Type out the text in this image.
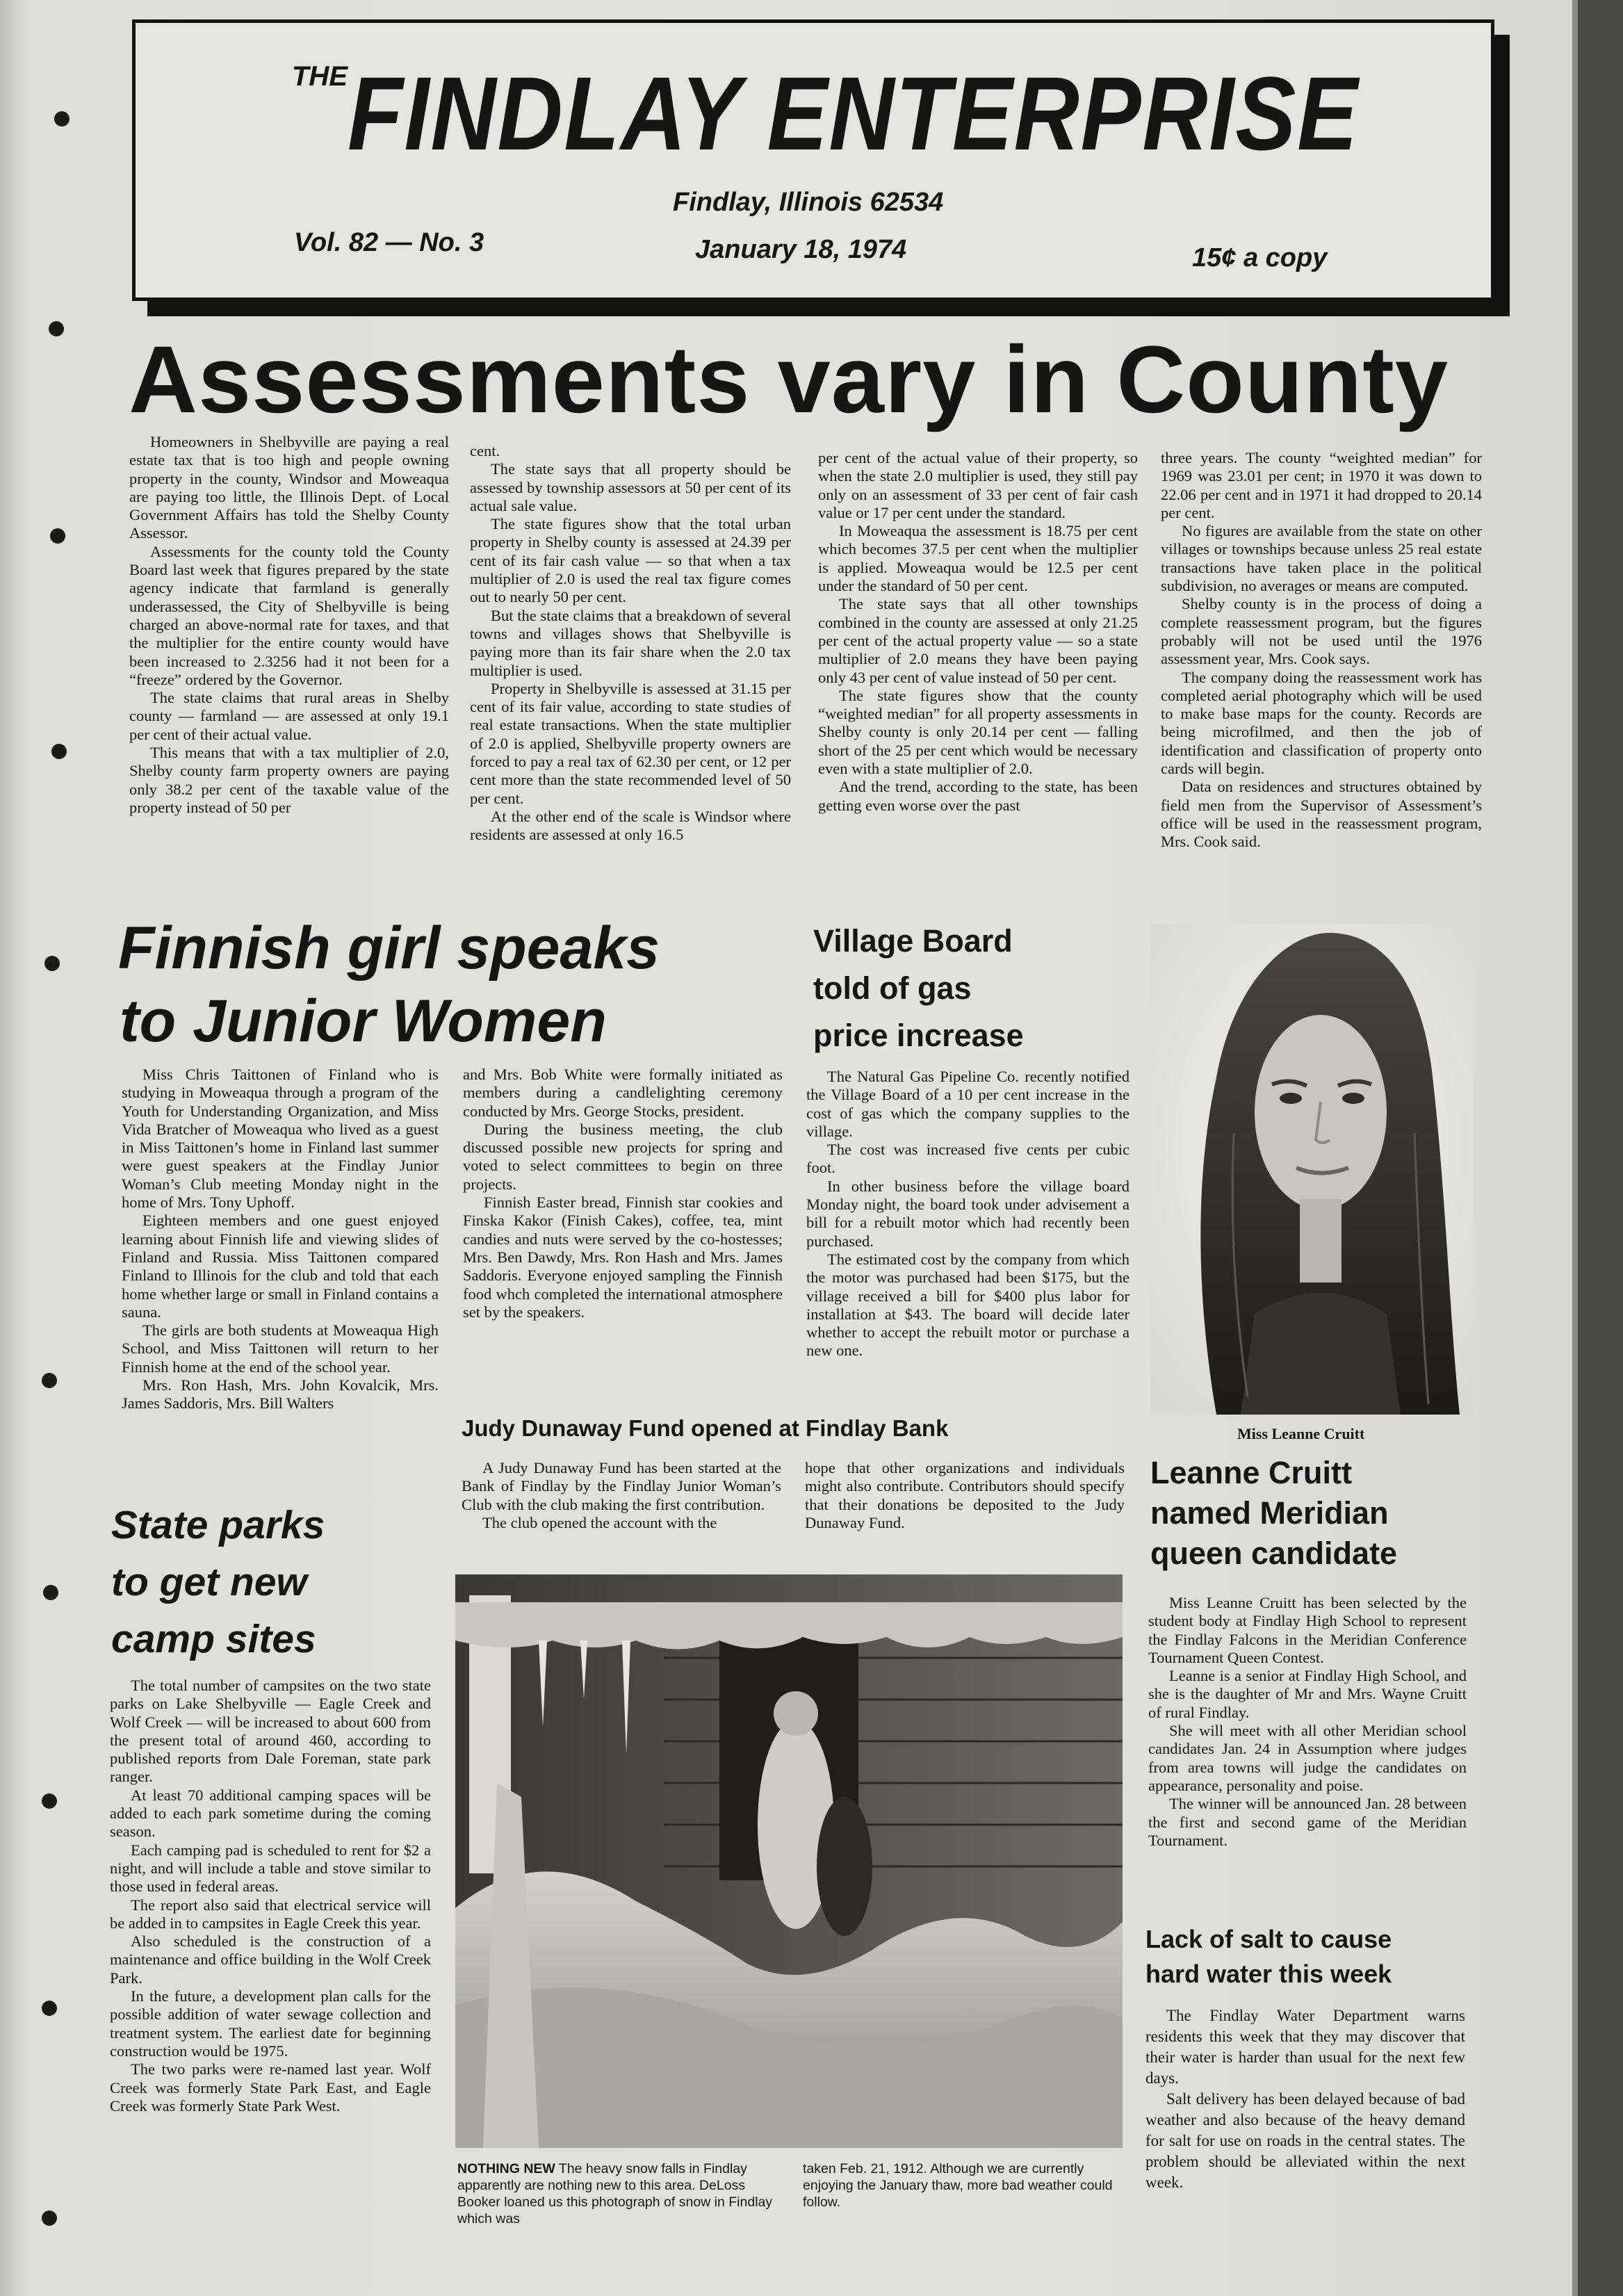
THE FINDLAY ENTERPRISE
Findlay, Illinois 62534
Vol. 82 — No. 3	January 18, 1974	15¢ a copy
Assessments vary in County

Homeowners in Shelbyville are paying a real estate tax that is too high and people owning property in the county, Windsor and Moweaqua are paying too little, the Illinois Dept. of Local Government Affairs has told the Shelby County Assessor.

Assessments for the county told the County Board last week that figures prepared by the state agency indicate that farmland is generally underassessed, the City of Shelbyville is being charged an above-normal rate for taxes, and that the multiplier for the entire county would have been increased to 2.3256 had it not been for a “freeze” ordered by the Governor.

The state claims that rural areas in Shelby county — farmland — are assessed at only 19.1 per cent of their actual value.

This means that with a tax multiplier of 2.0, Shelby county farm property owners are paying only 38.2 per cent of the taxable value of the property instead of 50 per

cent.

The state says that all property should be assessed by township assessors at 50 per cent of its actual sale value.

The state figures show that the total urban property in Shelby county is assessed at 24.39 per cent of its fair cash value — so that when a tax multiplier of 2.0 is used the real tax figure comes out to nearly 50 per cent.

But the state claims that a breakdown of several towns and villages shows that Shelbyville is paying more than its fair share when the 2.0 tax multiplier is used.

Property in Shelbyville is assessed at 31.15 per cent of its fair value, according to state studies of real estate transactions. When the state multiplier of 2.0 is applied, Shelbyville property owners are forced to pay a real tax of 62.30 per cent, or 12 per cent more than the state recommended level of 50 per cent.

At the other end of the scale is Windsor where residents are assessed at only 16.5

per cent of the actual value of their property, so when the state 2.0 multiplier is used, they still pay only on an assessment of 33 per cent of fair cash value or 17 per cent under the standard.

In Moweaqua the assessment is 18.75 per cent which becomes 37.5 per cent when the multiplier is applied. Moweaqua would be 12.5 per cent under the standard of 50 per cent.

The state says that all other townships combined in the county are assessed at only 21.25 per cent of the actual property value — so a state multiplier of 2.0 means they have been paying only 43 per cent of value instead of 50 per cent.

The state figures show that the county “weighted median” for all property assessments in Shelby county is only 20.14 per cent — falling short of the 25 per cent which would be necessary even with a state multiplier of 2.0.

And the trend, according to the state, has been getting even worse over the past

three years. The county “weighted median” for 1969 was 23.01 per cent; in 1970 it was down to 22.06 per cent and in 1971 it had dropped to 20.14 per cent.

No figures are available from the state on other villages or townships because unless 25 real estate transactions have taken place in the political subdivision, no averages or means are computed.

Shelby county is in the process of doing a complete reassessment program, but the figures probably will not be used until the 1976 assessment year, Mrs. Cook says.

The company doing the reassessment work has completed aerial photography which will be used to make base maps for the county. Records are being microfilmed, and then the job of identification and classification of property onto cards will begin.

Data on residences and structures obtained by field men from the Supervisor of Assessment’s office will be used in the reassessment program, Mrs. Cook said.

Finnish girl speaks
to Junior Women

Miss Chris Taittonen of Finland who is studying in Moweaqua through a program of the Youth for Understanding Organization, and Miss Vida Bratcher of Moweaqua who lived as a guest in Miss Taittonen’s home in Finland last summer were guest speakers at the Findlay Junior Woman’s Club meeting Monday night in the home of Mrs. Tony Uphoff.

Eighteen members and one guest enjoyed learning about Finnish life and viewing slides of Finland and Russia. Miss Taittonen compared Finland to Illinois for the club and told that each home whether large or small in Finland contains a sauna.

The girls are both students at Moweaqua High School, and Miss Taittonen will return to her Finnish home at the end of the school year.

Mrs. Ron Hash, Mrs. John Kovalcik, Mrs. James Saddoris, Mrs. Bill Walters

and Mrs. Bob White were formally initiated as members during a candlelighting ceremony conducted by Mrs. George Stocks, president.

During the business meeting, the club discussed possible new projects for spring and voted to select committees to begin on three projects.

Finnish Easter bread, Finnish star cookies and Finska Kakor (Finish Cakes), coffee, tea, mint candies and nuts were served by the co-hostesses; Mrs. Ben Dawdy, Mrs. Ron Hash and Mrs. James Saddoris. Everyone enjoyed sampling the Finnish food whch completed the international atmosphere set by the speakers.

Village Board
told of gas
price increase

The Natural Gas Pipeline Co. recently notified the Village Board of a 10 per cent increase in the cost of gas which the company supplies to the village.

The cost was increased five cents per cubic foot.

In other business before the village board Monday night, the board took under advisement a bill for a rebuilt motor which had recently been purchased.

The estimated cost by the company from which the motor was purchased had been $175, but the village received a bill for $400 plus labor for installation at $43. The board will decide later whether to accept the rebuilt motor or purchase a new one.

Miss Leanne Cruitt
Judy Dunaway Fund opened at Findlay Bank

A Judy Dunaway Fund has been started at the Bank of Findlay by the Findlay Junior Woman’s Club with the club making the first contribution.

The club opened the account with the

hope that other organizations and individuals might also contribute. Contributors should specify that their donations be deposited to the Judy Dunaway Fund.

State parks
to get new
camp sites

The total number of campsites on the two state parks on Lake Shelbyville — Eagle Creek and Wolf Creek — will be increased to about 600 from the present total of around 460, according to published reports from Dale Foreman, state park ranger.

At least 70 additional camping spaces will be added to each park sometime during the coming season.

Each camping pad is scheduled to rent for $2 a night, and will include a table and stove similar to those used in federal areas.

The report also said that electrical service will be added in to campsites in Eagle Creek this year.

Also scheduled is the construction of a maintenance and office building in the Wolf Creek Park.

In the future, a development plan calls for the possible addition of water sewage collection and treatment system. The earliest date for beginning construction would be 1975.

The two parks were re-named last year. Wolf Creek was formerly State Park East, and Eagle Creek was formerly State Park West.

NOTHING NEW The heavy snow falls in Findlay apparently are nothing new to this area. DeLoss Booker loaned us this photograph of snow in Findlay which was
taken Feb. 21, 1912. Although we are currently enjoying the January thaw, more bad weather could follow.
Leanne Cruitt
named Meridian
queen candidate

Miss Leanne Cruitt has been selected by the student body at Findlay High School to represent the Findlay Falcons in the Meridian Conference Tournament Queen Contest.

Leanne is a senior at Findlay High School, and she is the daughter of Mr and Mrs. Wayne Cruitt of rural Findlay.

She will meet with all other Meridian school candidates Jan. 24 in Assumption where judges from area towns will judge the candidates on appearance, personality and poise.

The winner will be announced Jan. 28 between the first and second game of the Meridian Tournament.

Lack of salt to cause
hard water this week

The Findlay Water Department warns residents this week that they may discover that their water is harder than usual for the next few days.

Salt delivery has been delayed because of bad weather and also because of the heavy demand for salt for use on roads in the central states. The problem should be alleviated within the next week.
